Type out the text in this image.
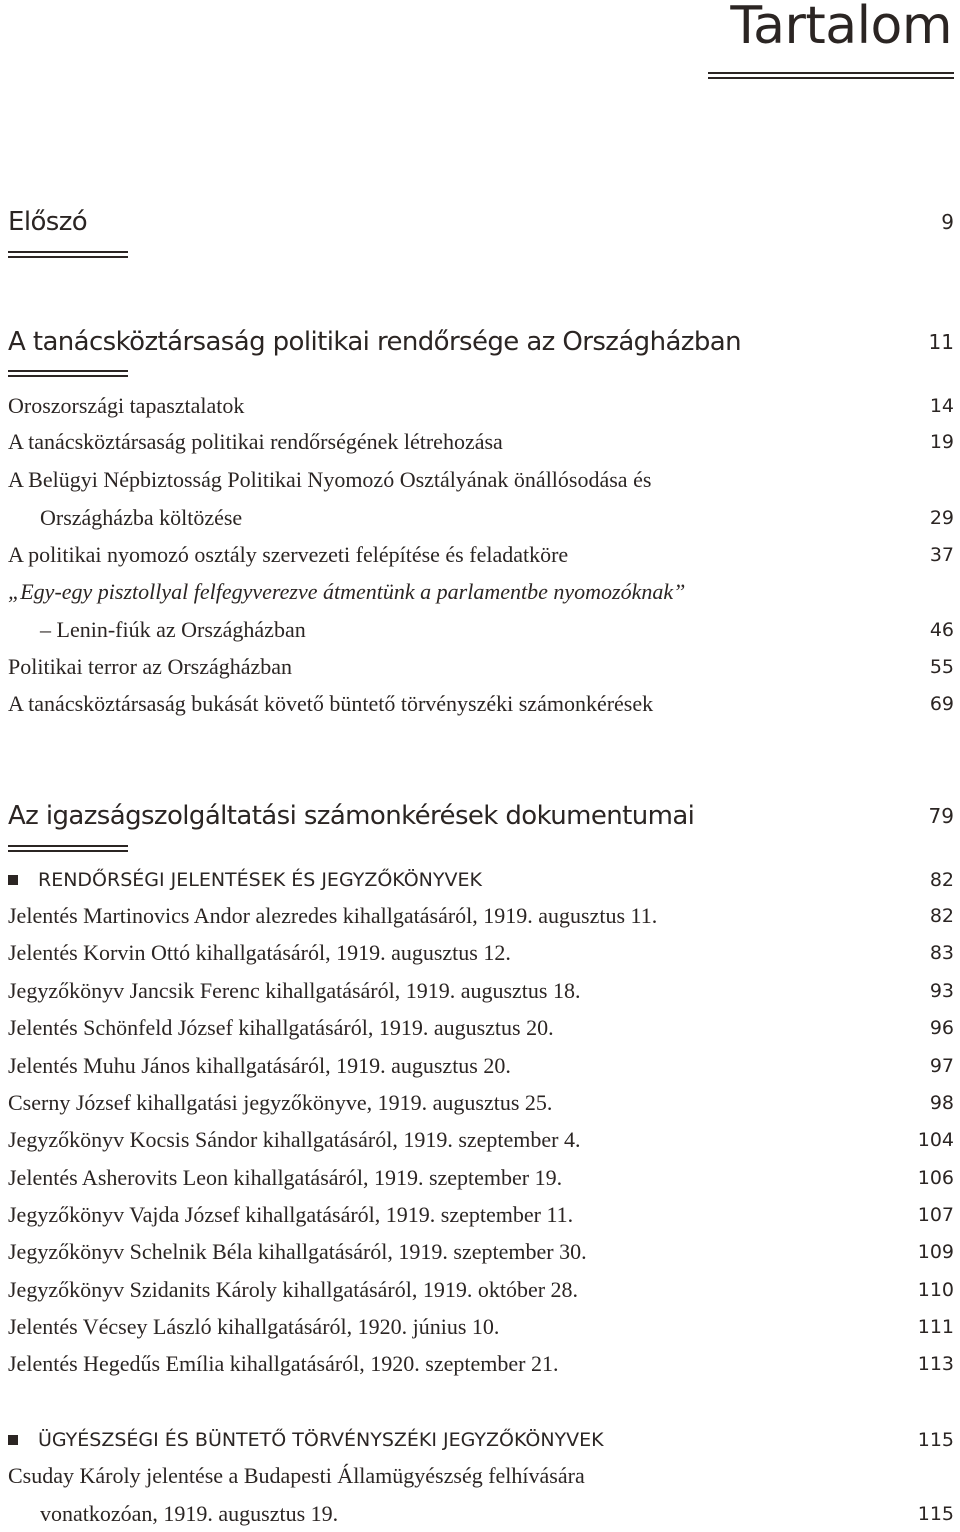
Tartalom
Előszó	9
A tanácsköztársaság politikai rendőrsége az Országházban	11
Oroszországi tapasztalatok	14
A tanácsköztársaság politikai rendőrségének létrehozása	19
A Belügyi Népbiztosság Politikai Nyomozó Osztályának önállósodása és
Országházba költözése	29
A politikai nyomozó osztály szervezeti felépítése és feladatköre	37
„Egy-egy pisztollyal felfegyverezve átmentünk a parlamentbe nyomozóknak”
– Lenin-fiúk az Országházban	46
Politikai terror az Országházban	55
A tanácsköztársaság bukását követő büntető törvényszéki számonkérések	69
Az igazságszolgáltatási számonkérések dokumentumai	79
RENDŐRSÉGI JELENTÉSEK ÉS JEGYZŐKÖNYVEK	82
Jelentés Martinovics Andor alezredes kihallgatásáról, 1919. augusztus 11.	82
Jelentés Korvin Ottó kihallgatásáról, 1919. augusztus 12.	83
Jegyzőkönyv Jancsik Ferenc kihallgatásáról, 1919. augusztus 18.	93
Jelentés Schönfeld József kihallgatásáról, 1919. augusztus 20.	96
Jelentés Muhu János kihallgatásáról, 1919. augusztus 20.	97
Cserny József kihallgatási jegyzőkönyve, 1919. augusztus 25.	98
Jegyzőkönyv Kocsis Sándor kihallgatásáról, 1919. szeptember 4.	104
Jelentés Asherovits Leon kihallgatásáról, 1919. szeptember 19.	106
Jegyzőkönyv Vajda József kihallgatásáról, 1919. szeptember 11.	107
Jegyzőkönyv Schelnik Béla kihallgatásáról, 1919. szeptember 30.	109
Jegyzőkönyv Szidanits Károly kihallgatásáról, 1919. október 28.	110
Jelentés Vécsey László kihallgatásáról, 1920. június 10.	111
Jelentés Hegedűs Emília kihallgatásáról, 1920. szeptember 21.	113
ÜGYÉSZSÉGI ÉS BÜNTETŐ TÖRVÉNYSZÉKI JEGYZŐKÖNYVEK	115
Csuday Károly jelentése a Budapesti Államügyészség felhívására
vonatkozóan, 1919. augusztus 19.	115
